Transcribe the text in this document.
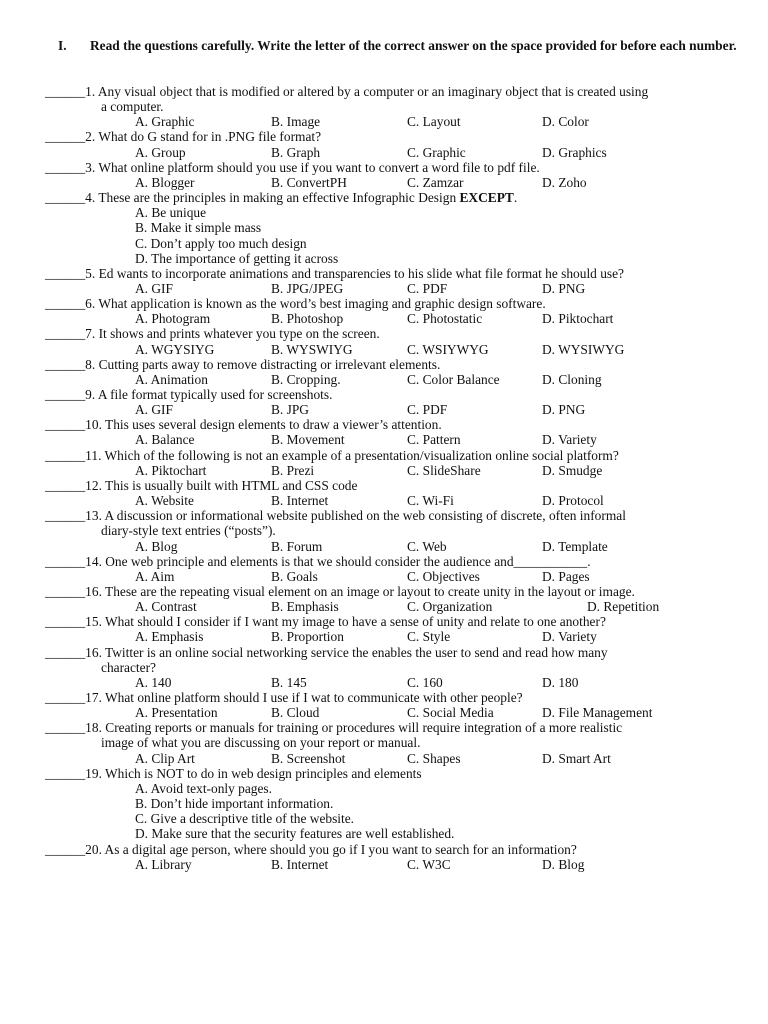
I. Read the questions carefully. Write the letter of the correct answer on the space provided for before each number.
______1. Any visual object that is modified or altered by a computer or an imaginary object that is created using
a computer.
A. Graphic	B. Image	C. Layout	D. Color
______2. What do G stand for in .PNG file format?
A. Group	B. Graph	C. Graphic	D. Graphics
______3. What online platform should you use if you want to convert a word file to pdf file.
A. Blogger	B. ConvertPH	C. Zamzar	D. Zoho
______4. These are the principles in making an effective Infographic Design EXCEPT.
A. Be unique
B. Make it simple mass
C. Don’t apply too much design
D. The importance of getting it across
______5. Ed wants to incorporate animations and transparencies to his slide what file format he should use?
A. GIF	B. JPG/JPEG	C. PDF	D. PNG
______6. What application is known as the word’s best imaging and graphic design software.
A. Photogram	B. Photoshop	C. Photostatic	D. Piktochart
______7. It shows and prints whatever you type on the screen.
A. WGYSIYG	B. WYSWIYG	C. WSIYWYG	D. WYSIWYG
______8. Cutting parts away to remove distracting or irrelevant elements.
A. Animation	B. Cropping.	C. Color Balance	D. Cloning
______9. A file format typically used for screenshots.
A. GIF	B. JPG	C. PDF	D. PNG
______10. This uses several design elements to draw a viewer’s attention.
A. Balance	B. Movement	C. Pattern	D. Variety
______11. Which of the following is not an example of a presentation/visualization online social platform?
A. Piktochart	B. Prezi	C. SlideShare	D. Smudge
______12. This is usually built with HTML and CSS code
A. Website	B. Internet	C. Wi-Fi	D. Protocol
______13. A discussion or informational website published on the web consisting of discrete, often informal
diary-style text entries (“posts”).
A. Blog	B. Forum	C. Web	D. Template
______14. One web principle and elements is that we should consider the audience and___________.
A. Aim	B. Goals	C. Objectives	D. Pages
______16. These are the repeating visual element on an image or layout to create unity in the layout or image.
A. Contrast	B. Emphasis	C. Organization	D. Repetition
______15. What should I consider if I want my image to have a sense of unity and relate to one another?
A. Emphasis	B. Proportion	C. Style	D. Variety
______16. Twitter is an online social networking service the enables the user to send and read how many
character?
A. 140	B. 145	C. 160	D. 180
______17. What online platform should I use if I wat to communicate with other people?
A. Presentation	B. Cloud	C. Social Media	D. File Management
______18. Creating reports or manuals for training or procedures will require integration of a more realistic
image of what you are discussing on your report or manual.
A. Clip Art	B. Screenshot	C. Shapes	D. Smart Art
______19. Which is NOT to do in web design principles and elements
A. Avoid text-only pages.
B. Don’t hide important information.
C. Give a descriptive title of the website.
D. Make sure that the security features are well established.
______20. As a digital age person, where should you go if I you want to search for an information?
A. Library	B. Internet	C. W3C	D. Blog
